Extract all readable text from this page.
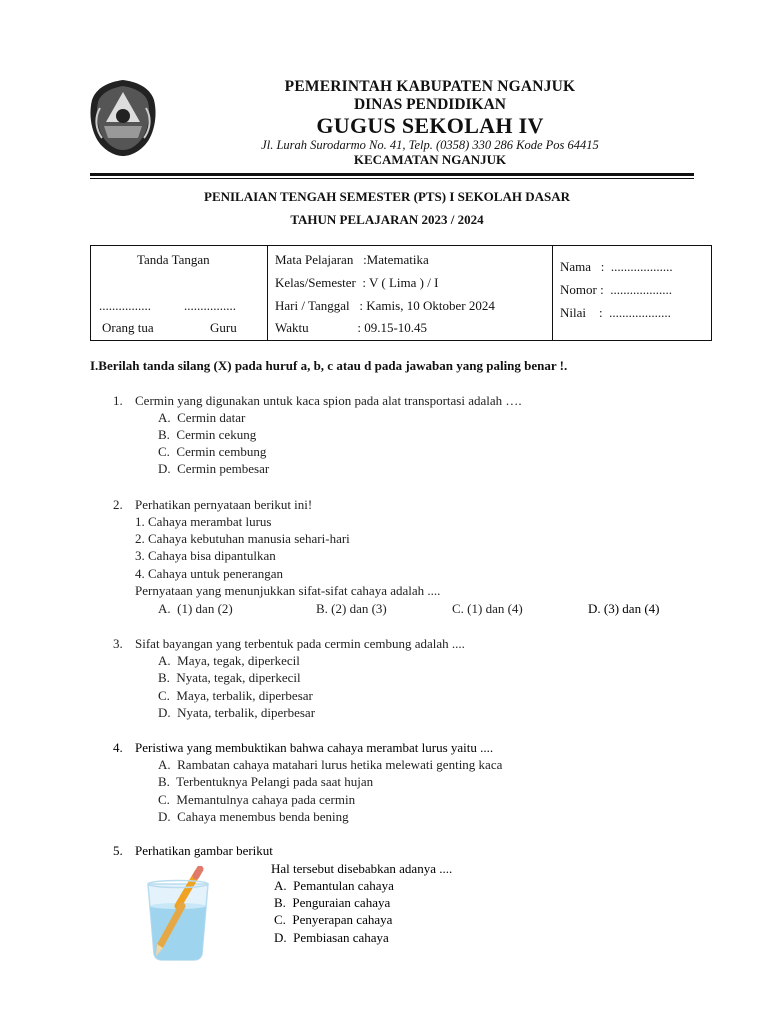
PEMERINTAH KABUPATEN NGANJUK
DINAS PENDIDIKAN
GUGUS SEKOLAH IV
Jl. Lurah Surodarmo No. 41, Telp. (0358) 330 286 Kode Pos 64415
KECAMATAN NGANJUK
PENILAIAN TENGAH SEMESTER (PTS) I SEKOLAH DASAR
TAHUN PELAJARAN 2023 / 2024
Tanda Tangan
................	................
Orang tua	Guru
Mata Pelajaran   :Matematika
Kelas/Semester  : V ( Lima ) / I
Hari / Tanggal   : Kamis, 10 Oktober 2024
Waktu               : 09.15-10.45
Nama   :  ...................
Nomor :  ...................
Nilai    :  ...................
I.Berilah tanda silang (X) pada huruf a, b, c atau d pada jawaban yang paling benar !.
1. Cermin yang digunakan untuk kaca spion pada alat transportasi adalah ….
A.  Cermin datar
B.  Cermin cekung
C.  Cermin cembung
D.  Cermin pembesar
2. Perhatikan pernyataan berikut ini!
1. Cahaya merambat lurus
2. Cahaya kebutuhan manusia sehari-hari
3. Cahaya bisa dipantulkan
4. Cahaya untuk penerangan
Pernyataan yang menunjukkan sifat-sifat cahaya adalah ....
A.  (1) dan (2)	B. (2) dan (3)	C. (1) dan (4)	D. (3) dan (4)
3. Sifat bayangan yang terbentuk pada cermin cembung adalah ....
A.  Maya, tegak, diperkecil
B.  Nyata, tegak, diperkecil
C.  Maya, terbalik, diperbesar
D.  Nyata, terbalik, diperbesar
4. Peristiwa yang membuktikan bahwa cahaya merambat lurus yaitu ....
A.  Rambatan cahaya matahari lurus hetika melewati genting kaca
B.  Terbentuknya Pelangi pada saat hujan
C.  Memantulnya cahaya pada cermin
D.  Cahaya menembus benda bening
5. Perhatikan gambar berikut
Hal tersebut disebabkan adanya ....
A.  Pemantulan cahaya
B.  Penguraian cahaya
C.  Penyerapan cahaya
D.  Pembiasan cahaya
